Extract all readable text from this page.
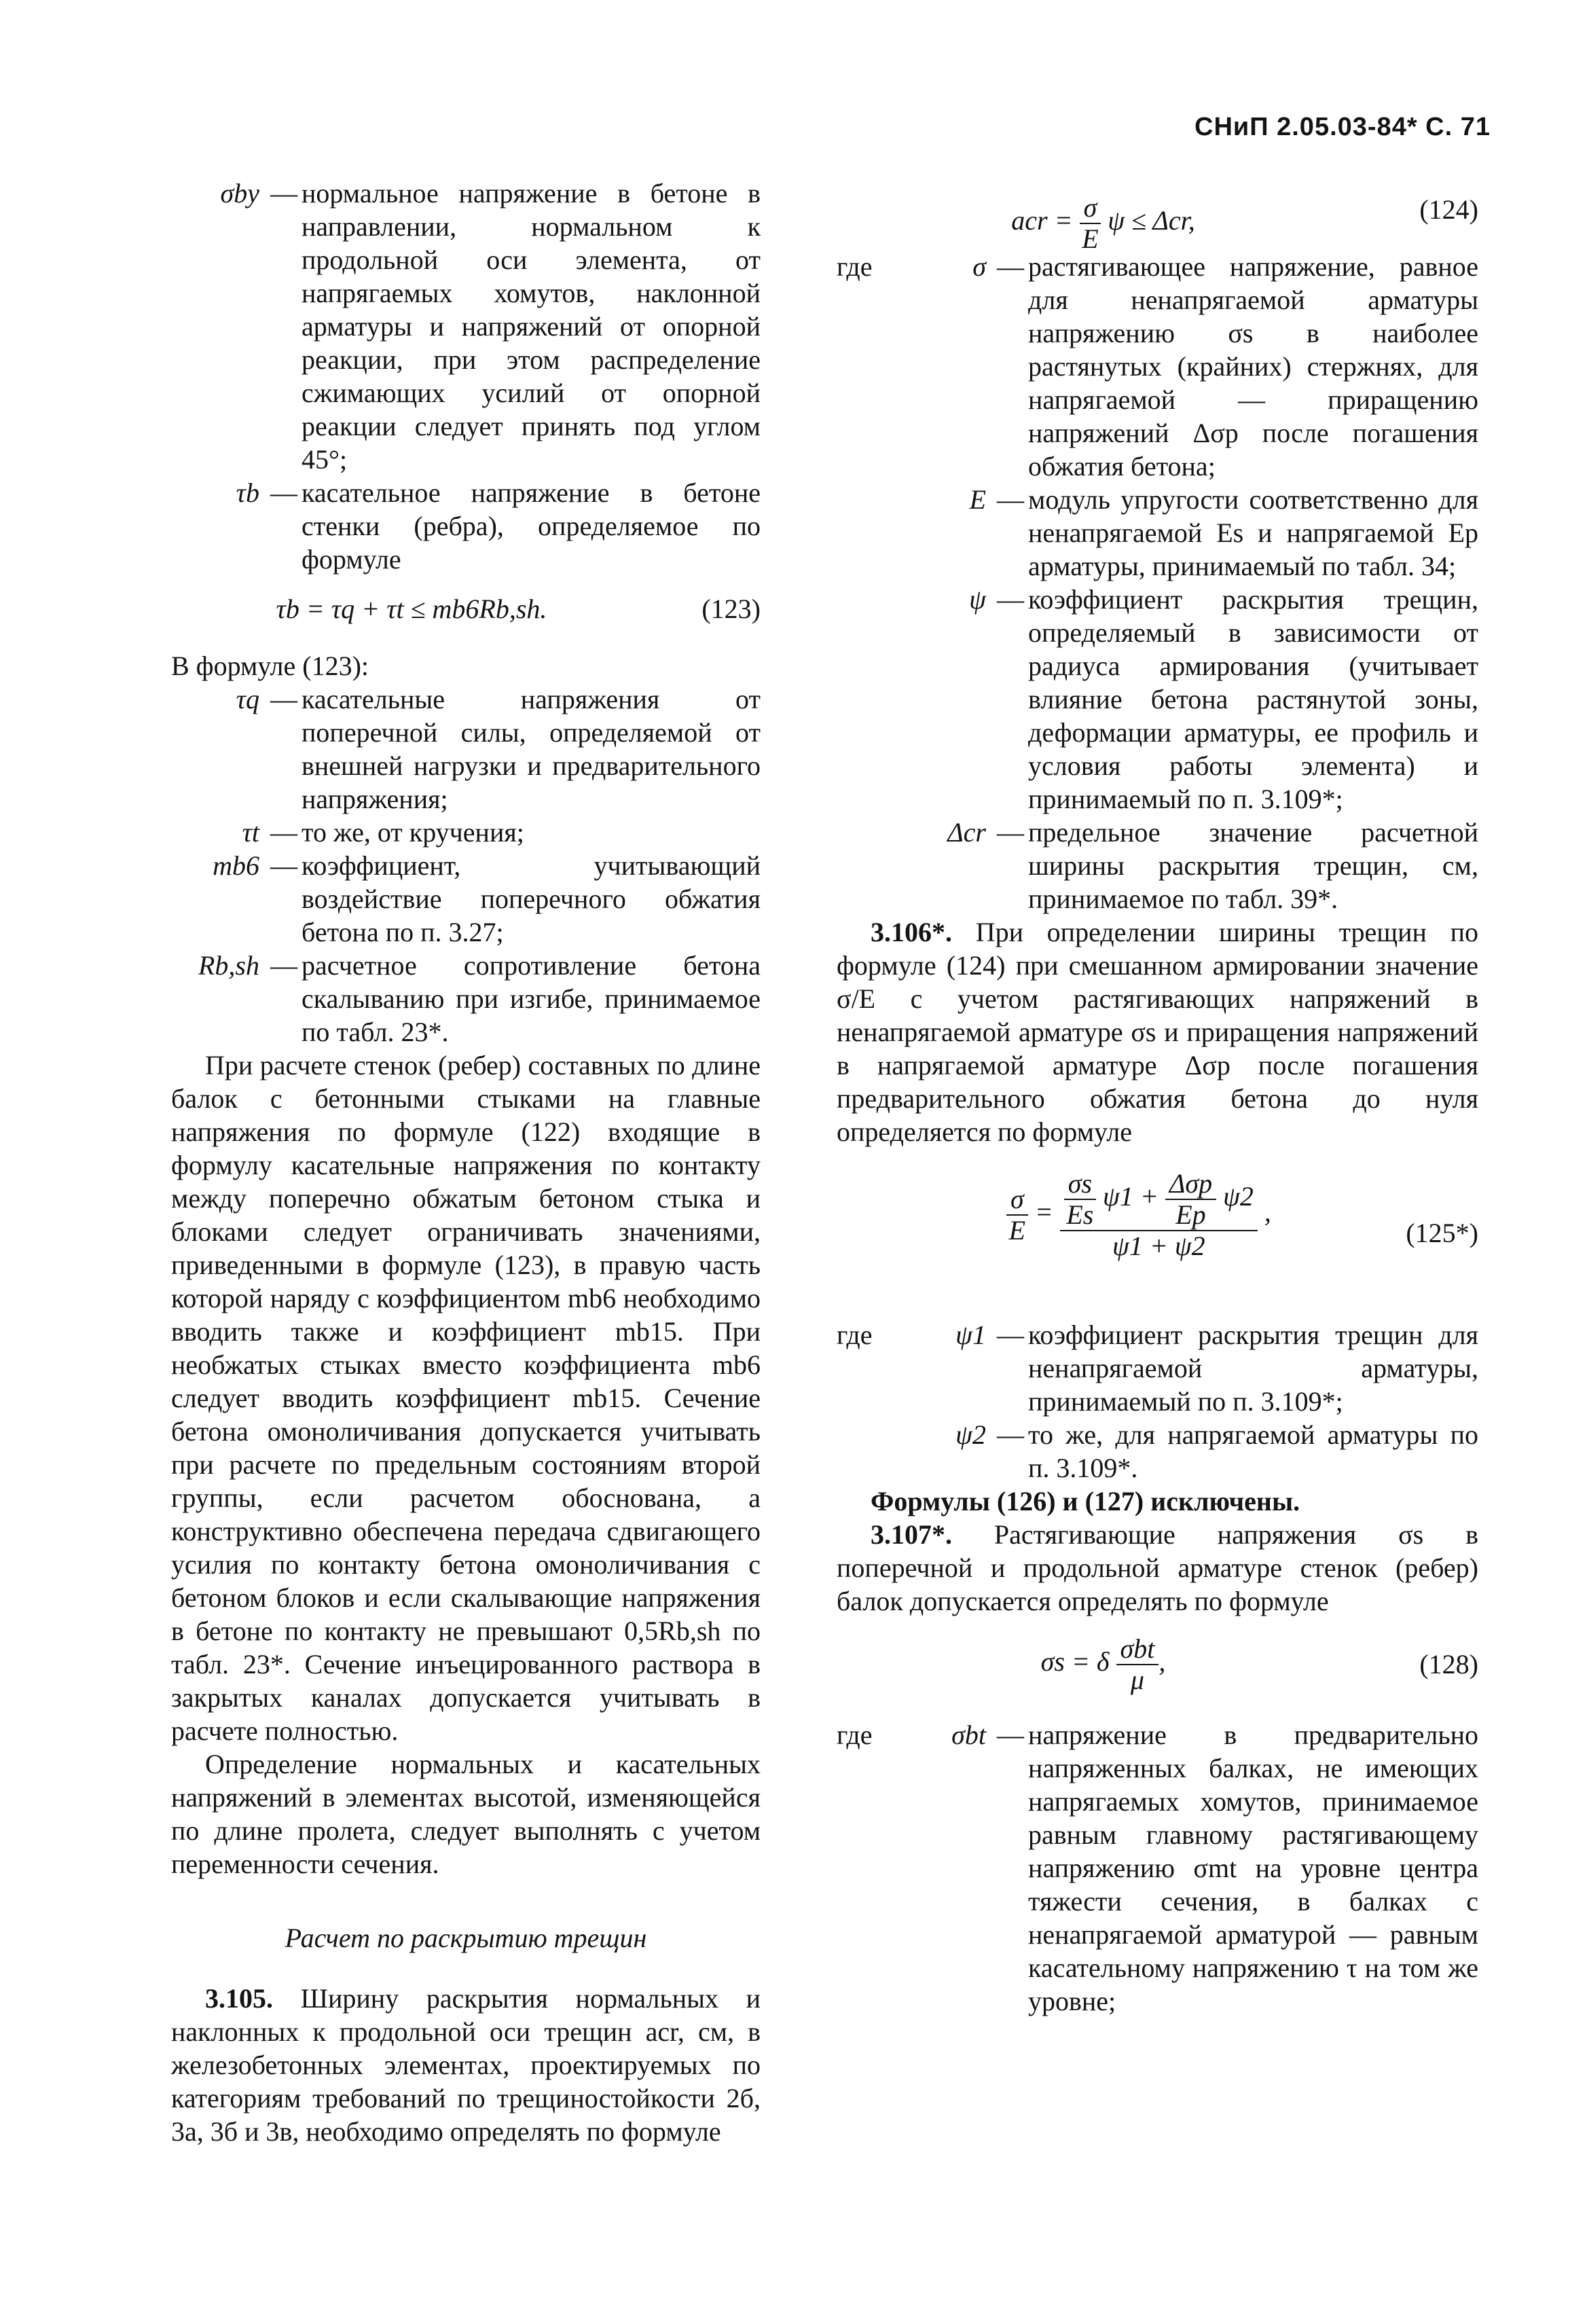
СНиП 2.05.03-84* С. 71
σby — нормальное напряжение в бетоне в направлении, нормальном к продольной оси элемента, от напрягаемых хомутов, наклонной арматуры и напряжений от опорной реакции, при этом распределение сжимающих усилий от опорной реакции следует принять под углом 45°;
τb — касательное напряжение в бетоне стенки (ребра), определяемое по формуле
τb = τq + τt ≤ mb6Rb,sh.	(123)

В формуле (123):

τq — касательные напряжения от поперечной силы, определяемой от внешней нагрузки и предварительного напряжения;
τt — то же, от кручения;
mb6 — коэффициент, учитывающий воздействие поперечного обжатия бетона по п. 3.27;
Rb,sh — расчетное сопротивление бетона скалыванию при изгибе, принимаемое по табл. 23*.

При расчете стенок (ребер) составных по длине балок с бетонными стыками на главные напряжения по формуле (122) входящие в формулу касательные напряжения по контакту между поперечно обжатым бетоном стыка и блоками следует ограничивать значениями, приведенными в формуле (123), в правую часть которой наряду с коэффициентом mb6 необходимо вводить также и коэффициент mb15. При необжатых стыках вместо коэффициента mb6 следует вводить коэффициент mb15. Сечение бетона омоноличивания допускается учитывать при расчете по предельным состояниям второй группы, если расчетом обоснована, а конструктивно обеспечена передача сдвигающего усилия по контакту бетона омоноличивания с бетоном блоков и если скалывающие напряжения в бетоне по контакту не превышают 0,5Rb,sh по табл. 23*. Сечение инъецированного раствора в закрытых каналах допускается учитывать в расчете полностью.

Определение нормальных и касательных напряжений в элементах высотой, изменяющейся по длине пролета, следует выполнять с учетом переменности сечения.

Расчет по раскрытию трещин

3.105. Ширину раскрытия нормальных и наклонных к продольной оси трещин acr, см, в железобетонных элементах, проектируемых по категориям требований по трещиностойкости 2б, 3а, 3б и 3в, необходимо определять по формуле

acr = $\frac{\sigma}{E}$ ψ ≤ Δcr,	(124)
где	σ — растягивающее напряжение, равное для ненапрягаемой арматуры напряжению σs в наиболее растянутых (крайних) стержнях, для напрягаемой — приращению напряжений Δσp после погашения обжатия бетона;
E — модуль упругости соответственно для ненапрягаемой Es и напрягаемой Ep арматуры, принимаемый по табл. 34;
ψ — коэффициент раскрытия трещин, определяемый в зависимости от радиуса армирования (учитывает влияние бетона растянутой зоны, деформации арматуры, ее профиль и условия работы элемента) и принимаемый по п. 3.109*;
Δcr — предельное значение расчетной ширины раскрытия трещин, см, принимаемое по табл. 39*.

3.106*. При определении ширины трещин по формуле (124) при смешанном армировании значение σ/E с учетом растягивающих напряжений в ненапрягаемой арматуре σs и приращения напряжений в напрягаемой арматуре Δσp после погашения предварительного обжатия бетона до нуля определяется по формуле

$\frac{\sigma}{E} = \frac{\frac{\sigma s}{Es} \psi 1 + \frac{\text{Δσp}}{Ep} \psi 2}{\psi 1 + \psi 2}$ ,
(125*)
где	ψ1 — коэффициент раскрытия трещин для ненапрягаемой арматуры, принимаемый по п. 3.109*;
ψ2 — то же, для напрягаемой арматуры по п. 3.109*.

Формулы (126) и (127) исключены.

3.107*. Растягивающие напряжения σs в поперечной и продольной арматуре стенок (ребер) балок допускается определять по формуле

σs = δ $\frac{\text{σbt}}{\mu}$ ,	(128)
где	σbt — напряжение в предварительно напряженных балках, не имеющих напрягаемых хомутов, принимаемое равным главному растягивающему напряжению σmt на уровне центра тяжести сечения, в балках с ненапрягаемой арматурой — равным касательному напряжению τ на том же уровне;
